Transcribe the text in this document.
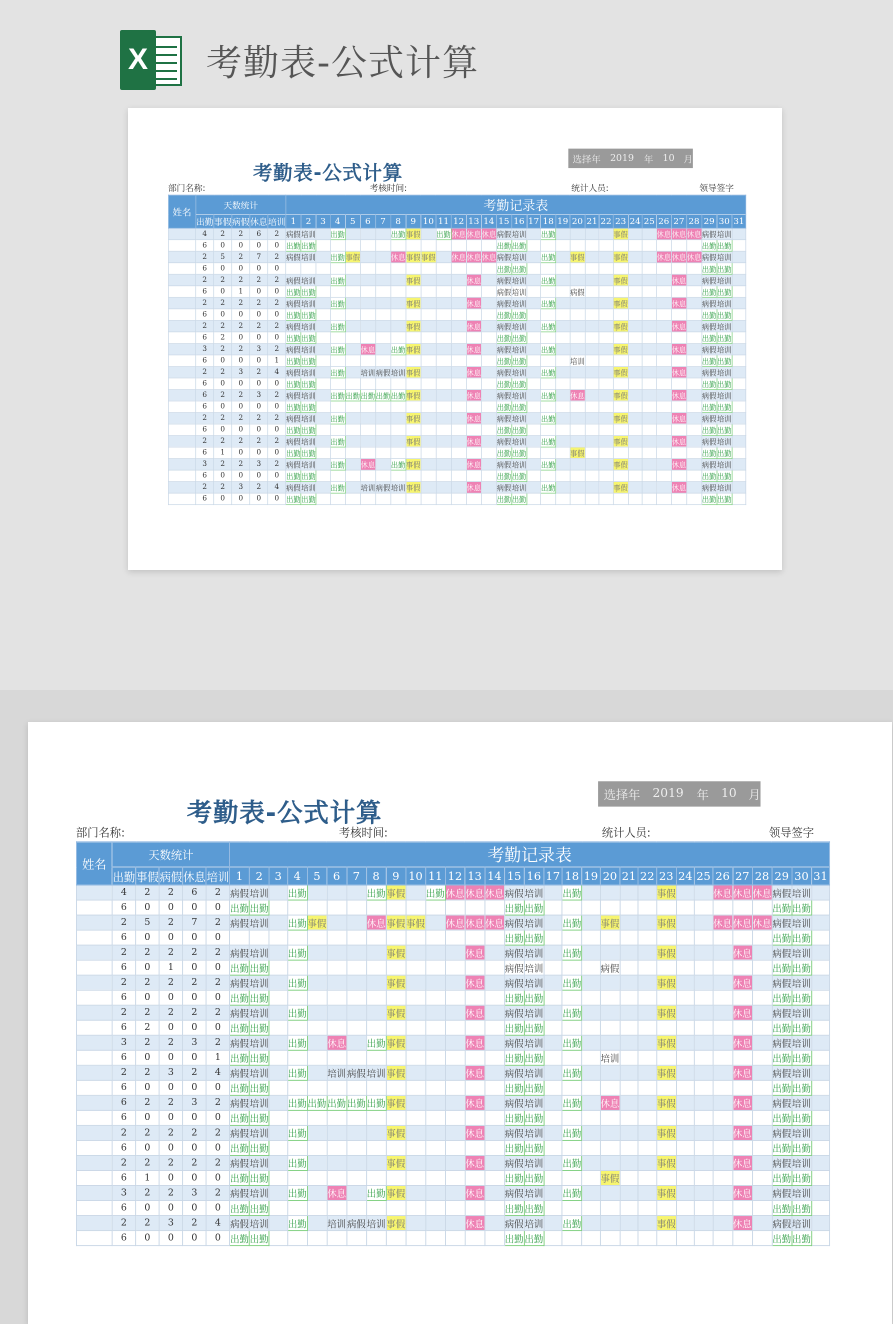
X 考勤表-公式计算
考勤表-公式计算
选择年 2019 年 10 月
部门名称:	考核时间:	统计人员:	领导签字
姓名	天数统计					考勤记录表																														
	出勤	事假	病假	休息	培训	1	2	3	4	5	6	7	8	9	10	11	12	13	14	15	16	17	18	19	20	21	22	23	24	25	26	27	28	29	30	31
	4	2	2	6	2	病假	培训		出勤				出勤	事假		出勤	休息	休息	休息	病假	培训		出勤					事假			休息	休息	休息	病假	培训	
	6	0	0	0	0	出勤	出勤													出勤	出勤													出勤	出勤	
	2	5	2	7	2	病假	培训		出勤	事假			休息	事假	事假		休息	休息	休息	病假	培训		出勤		事假			事假			休息	休息	休息	病假	培训	
	6	0	0	0	0															出勤	出勤													出勤	出勤	
	2	2	2	2	2	病假	培训		出勤					事假				休息		病假	培训		出勤					事假				休息		病假	培训	
	6	0	1	0	0	出勤	出勤													病假	培训				病假									出勤	出勤	
	2	2	2	2	2	病假	培训		出勤					事假				休息		病假	培训		出勤					事假				休息		病假	培训	
	6	0	0	0	0	出勤	出勤													出勤	出勤													出勤	出勤	
	2	2	2	2	2	病假	培训		出勤					事假				休息		病假	培训		出勤					事假				休息		病假	培训	
	6	2	0	0	0	出勤	出勤													出勤	出勤													出勤	出勤	
	3	2	2	3	2	病假	培训		出勤		休息		出勤	事假				休息		病假	培训		出勤					事假				休息		病假	培训	
	6	0	0	0	1	出勤	出勤													出勤	出勤				培训									出勤	出勤	
	2	2	3	2	4	病假	培训		出勤		培训	病假	培训	事假				休息		病假	培训		出勤					事假				休息		病假	培训	
	6	0	0	0	0	出勤	出勤													出勤	出勤													出勤	出勤	
	6	2	2	3	2	病假	培训		出勤	出勤	出勤	出勤	出勤	事假				休息		病假	培训		出勤		休息			事假				休息		病假	培训	
	6	0	0	0	0	出勤	出勤													出勤	出勤													出勤	出勤	
	2	2	2	2	2	病假	培训		出勤					事假				休息		病假	培训		出勤					事假				休息		病假	培训	
	6	0	0	0	0	出勤	出勤													出勤	出勤													出勤	出勤	
	2	2	2	2	2	病假	培训		出勤					事假				休息		病假	培训		出勤					事假				休息		病假	培训	
	6	1	0	0	0	出勤	出勤													出勤	出勤				事假									出勤	出勤	
	3	2	2	3	2	病假	培训		出勤		休息		出勤	事假				休息		病假	培训		出勤					事假				休息		病假	培训	
	6	0	0	0	0	出勤	出勤													出勤	出勤													出勤	出勤	
	2	2	3	2	4	病假	培训		出勤		培训	病假	培训	事假				休息		病假	培训		出勤					事假				休息		病假	培训	
	6	0	0	0	0	出勤	出勤													出勤	出勤													出勤	出勤	
考勤表-公式计算
选择年 2019 年 10 月
部门名称:	考核时间:	统计人员:	领导签字
姓名	天数统计					考勤记录表																														
	出勤	事假	病假	休息	培训	1	2	3	4	5	6	7	8	9	10	11	12	13	14	15	16	17	18	19	20	21	22	23	24	25	26	27	28	29	30	31
	4	2	2	6	2	病假	培训		出勤				出勤	事假		出勤	休息	休息	休息	病假	培训		出勤					事假			休息	休息	休息	病假	培训	
	6	0	0	0	0	出勤	出勤													出勤	出勤													出勤	出勤	
	2	5	2	7	2	病假	培训		出勤	事假			休息	事假	事假		休息	休息	休息	病假	培训		出勤		事假			事假			休息	休息	休息	病假	培训	
	6	0	0	0	0															出勤	出勤													出勤	出勤	
	2	2	2	2	2	病假	培训		出勤					事假				休息		病假	培训		出勤					事假				休息		病假	培训	
	6	0	1	0	0	出勤	出勤													病假	培训				病假									出勤	出勤	
	2	2	2	2	2	病假	培训		出勤					事假				休息		病假	培训		出勤					事假				休息		病假	培训	
	6	0	0	0	0	出勤	出勤													出勤	出勤													出勤	出勤	
	2	2	2	2	2	病假	培训		出勤					事假				休息		病假	培训		出勤					事假				休息		病假	培训	
	6	2	0	0	0	出勤	出勤													出勤	出勤													出勤	出勤	
	3	2	2	3	2	病假	培训		出勤		休息		出勤	事假				休息		病假	培训		出勤					事假				休息		病假	培训	
	6	0	0	0	1	出勤	出勤													出勤	出勤				培训									出勤	出勤	
	2	2	3	2	4	病假	培训		出勤		培训	病假	培训	事假				休息		病假	培训		出勤					事假				休息		病假	培训	
	6	0	0	0	0	出勤	出勤													出勤	出勤													出勤	出勤	
	6	2	2	3	2	病假	培训		出勤	出勤	出勤	出勤	出勤	事假				休息		病假	培训		出勤		休息			事假				休息		病假	培训	
	6	0	0	0	0	出勤	出勤													出勤	出勤													出勤	出勤	
	2	2	2	2	2	病假	培训		出勤					事假				休息		病假	培训		出勤					事假				休息		病假	培训	
	6	0	0	0	0	出勤	出勤													出勤	出勤													出勤	出勤	
	2	2	2	2	2	病假	培训		出勤					事假				休息		病假	培训		出勤					事假				休息		病假	培训	
	6	1	0	0	0	出勤	出勤													出勤	出勤				事假									出勤	出勤	
	3	2	2	3	2	病假	培训		出勤		休息		出勤	事假				休息		病假	培训		出勤					事假				休息		病假	培训	
	6	0	0	0	0	出勤	出勤													出勤	出勤													出勤	出勤	
	2	2	3	2	4	病假	培训		出勤		培训	病假	培训	事假				休息		病假	培训		出勤					事假				休息		病假	培训	
	6	0	0	0	0	出勤	出勤													出勤	出勤													出勤	出勤	
